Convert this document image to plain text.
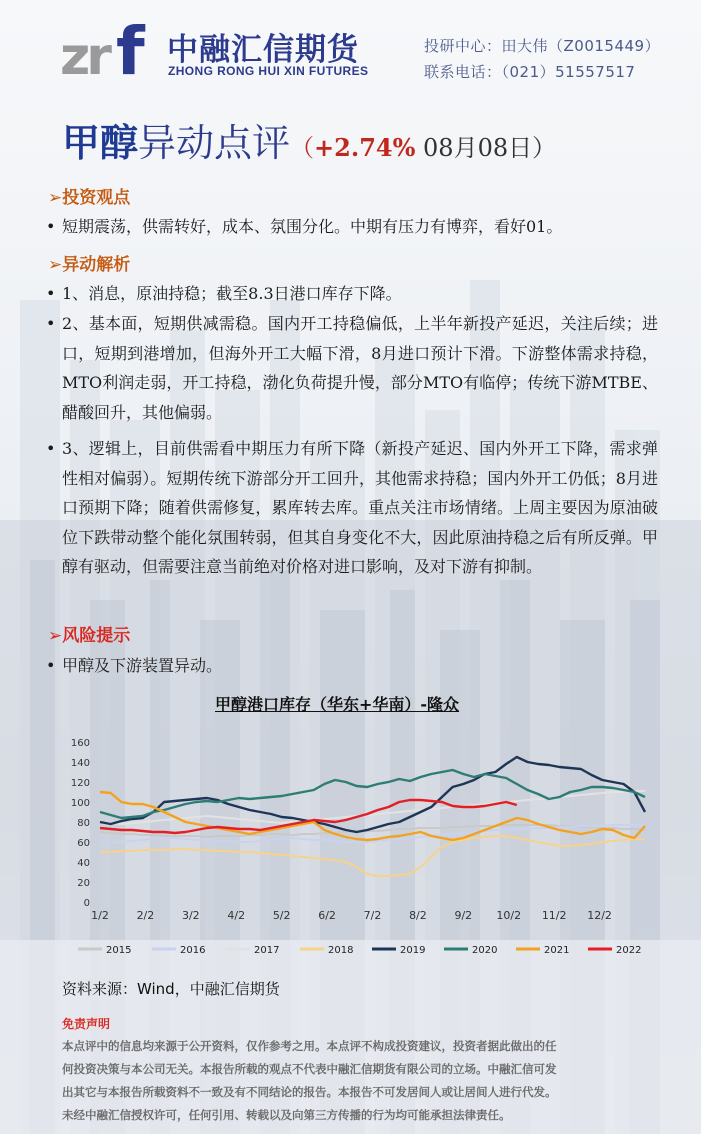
zr f 中融汇信期货
ZHONG RONG HUI XIN FUTURES
投研中心：田大伟（Z0015449）
联系电话：（021）51557517
甲醇异动点评（+2.74% 08月08日）
➢投资观点
• 短期震荡，供需转好，成本、氛围分化。中期有压力有博弈，看好01。
➢异动解析
• 1、消息，原油持稳；截至8.3日港口库存下降。
• 2、基本面，短期供减需稳。国内开工持稳偏低，上半年新投产延迟，关注后续；进口，短期到港增加，但海外开工大幅下滑，8月进口预计下滑。下游整体需求持稳，MTO利润走弱，开工持稳，渤化负荷提升慢，部分MTO有临停；传统下游MTBE、醋酸回升，其他偏弱。
• 3、逻辑上，目前供需看中期压力有所下降（新投产延迟、国内外开工下降，需求弹性相对偏弱）。短期传统下游部分开工回升，其他需求持稳；国内外开工仍低；8月进口预期下降；随着供需修复，累库转去库。重点关注市场情绪。上周主要因为原油破位下跌带动整个能化氛围转弱，但其自身变化不大，因此原油持稳之后有所反弹。甲醇有驱动，但需要注意当前绝对价格对进口影响，及对下游有抑制。
➢风险提示
• 甲醇及下游装置异动。
甲醇港口库存（华东+华南）-隆众
0
20
40
60
80
100
120
140
160
1/2	2/2	3/2	4/2	5/2	6/2	7/2	8/2	9/2 10/2 11/2 12/2
2015	2016	2017	2018	2019	2020	2021	2022
资料来源：Wind，中融汇信期货
免责声明
本点评中的信息均来源于公开资料，仅作参考之用。本点评不构成投资建议，投资者据此做出的任
何投资决策与本公司无关。本报告所载的观点不代表中融汇信期货有限公司的立场。中融汇信可发
出其它与本报告所载资料不一致及有不同结论的报告。本报告不可发居间人或让居间人进行代发。
未经中融汇信授权许可，任何引用、转载以及向第三方传播的行为均可能承担法律责任。
